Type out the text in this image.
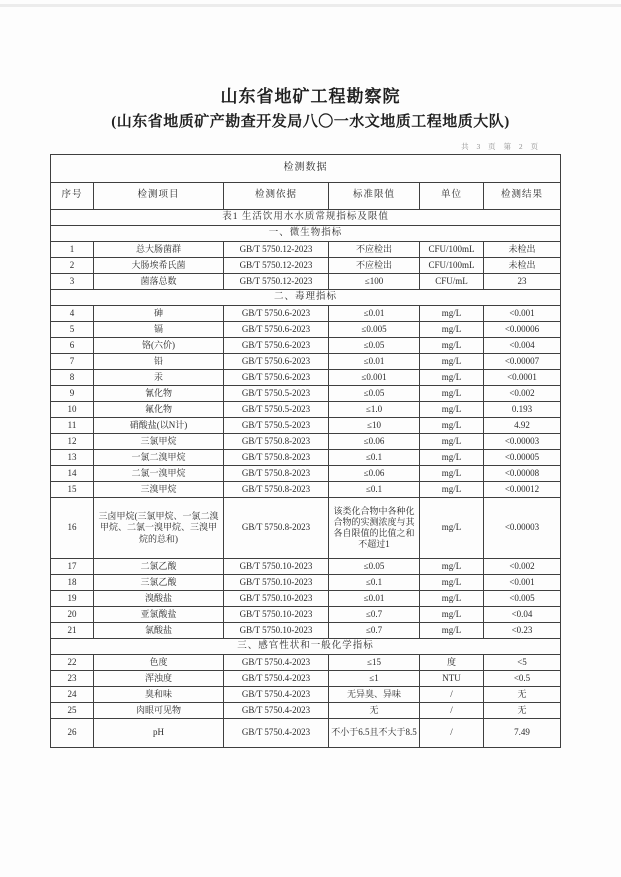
山东省地矿工程勘察院
(山东省地质矿产勘查开发局八〇一水文地质工程地质大队)
共 3 页 第 2 页
检测数据					
序号	检测项目	检测依据	标准限值	单位	检测结果
表1 生活饮用水水质常规指标及限值					
一、微生物指标					
1	总大肠菌群	GB/T 5750.12-2023	不应检出	CFU/100mL	未检出
2	大肠埃希氏菌	GB/T 5750.12-2023	不应检出	CFU/100mL	未检出
3	菌落总数	GB/T 5750.12-2023	≤100	CFU/mL	23
二、毒理指标					
4	砷	GB/T 5750.6-2023	≤0.01	mg/L	<0.001
5	镉	GB/T 5750.6-2023	≤0.005	mg/L	<0.00006
6	铬(六价)	GB/T 5750.6-2023	≤0.05	mg/L	<0.004
7	铅	GB/T 5750.6-2023	≤0.01	mg/L	<0.00007
8	汞	GB/T 5750.6-2023	≤0.001	mg/L	<0.0001
9	氰化物	GB/T 5750.5-2023	≤0.05	mg/L	<0.002
10	氟化物	GB/T 5750.5-2023	≤1.0	mg/L	0.193
11	硝酸盐(以N计)	GB/T 5750.5-2023	≤10	mg/L	4.92
12	三氯甲烷	GB/T 5750.8-2023	≤0.06	mg/L	<0.00003
13	一氯二溴甲烷	GB/T 5750.8-2023	≤0.1	mg/L	<0.00005
14	二氯一溴甲烷	GB/T 5750.8-2023	≤0.06	mg/L	<0.00008
15	三溴甲烷	GB/T 5750.8-2023	≤0.1	mg/L	<0.00012
16	三卤甲烷(三氯甲烷、一氯二溴甲烷、二氯一溴甲烷、三溴甲烷的总和)	GB/T 5750.8-2023	该类化合物中各种化合物的实测浓度与其各自限值的比值之和不超过1	mg/L	<0.00003
17	二氯乙酸	GB/T 5750.10-2023	≤0.05	mg/L	<0.002
18	三氯乙酸	GB/T 5750.10-2023	≤0.1	mg/L	<0.001
19	溴酸盐	GB/T 5750.10-2023	≤0.01	mg/L	<0.005
20	亚氯酸盐	GB/T 5750.10-2023	≤0.7	mg/L	<0.04
21	氯酸盐	GB/T 5750.10-2023	≤0.7	mg/L	<0.23
三、感官性状和一般化学指标					
22	色度	GB/T 5750.4-2023	≤15	度	<5
23	浑浊度	GB/T 5750.4-2023	≤1	NTU	<0.5
24	臭和味	GB/T 5750.4-2023	无异臭、异味	/	无
25	肉眼可见物	GB/T 5750.4-2023	无	/	无
26	pH	GB/T 5750.4-2023	不小于6.5且不大于8.5	/	7.49
